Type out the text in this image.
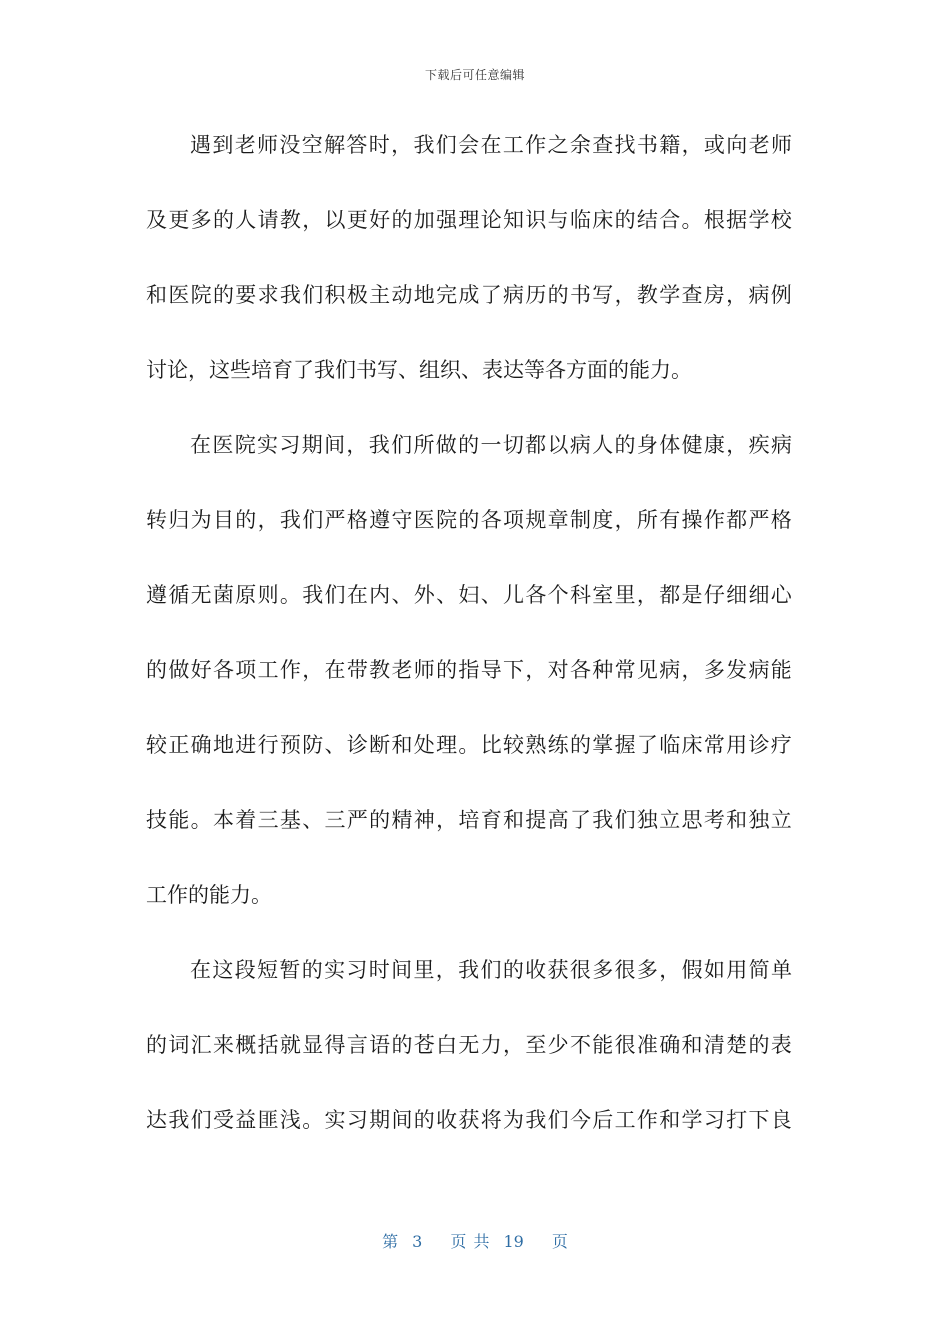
下载后可任意编辑
遇 到 老 师 没 空 解 答 时 ， 我 们 会 在 工 作 之 余 查 找 书 籍 ， 或 向 老 师
及 更 多 的 人 请 教 ， 以 更 好 的 加 强 理 论 知 识 与 临 床 的 结 合 。 根 据 学 校
和 医 院 的 要 求 我 们 积 极 主 动 地 完 成 了 病 历 的 书 写 ， 教 学 查 房 ， 病 例
讨论，这些培育了我们书写、组织、表达等各方面的能力。
在 医 院 实 习 期 间 ， 我 们 所 做 的 一 切 都 以 病 人 的 身 体 健 康 ， 疾 病
转 归 为 目 的 ， 我 们 严 格 遵 守 医 院 的 各 项 规 章 制 度 ， 所 有 操 作 都 严 格
遵 循 无 菌 原 则 。 我 们 在 内 、 外 、 妇 、 儿 各 个 科 室 里 ， 都 是 仔 细 细 心
的 做 好 各 项 工 作 ， 在 带 教 老 师 的 指 导 下 ， 对 各 种 常 见 病 ， 多 发 病 能
较 正 确 地 进 行 预 防 、 诊 断 和 处 理 。 比 较 熟 练 的 掌 握 了 临 床 常 用 诊 疗
技 能 。 本 着 三 基 、 三 严 的 精 神 ， 培 育 和 提 高 了 我 们 独 立 思 考 和 独 立
工作的能力。
在 这 段 短 暂 的 实 习 时 间 里 ， 我 们 的 收 获 很 多 很 多 ， 假 如 用 简 单
的 词 汇 来 概 括 就 显 得 言 语 的 苍 白 无 力 ， 至 少 不 能 很 准 确 和 清 楚 的 表
达 我 们 受 益 匪 浅 。 实 习 期 间 的 收 获 将 为 我 们 今 后 工 作 和 学 习 打 下 良
第 3 页 共 19 页
